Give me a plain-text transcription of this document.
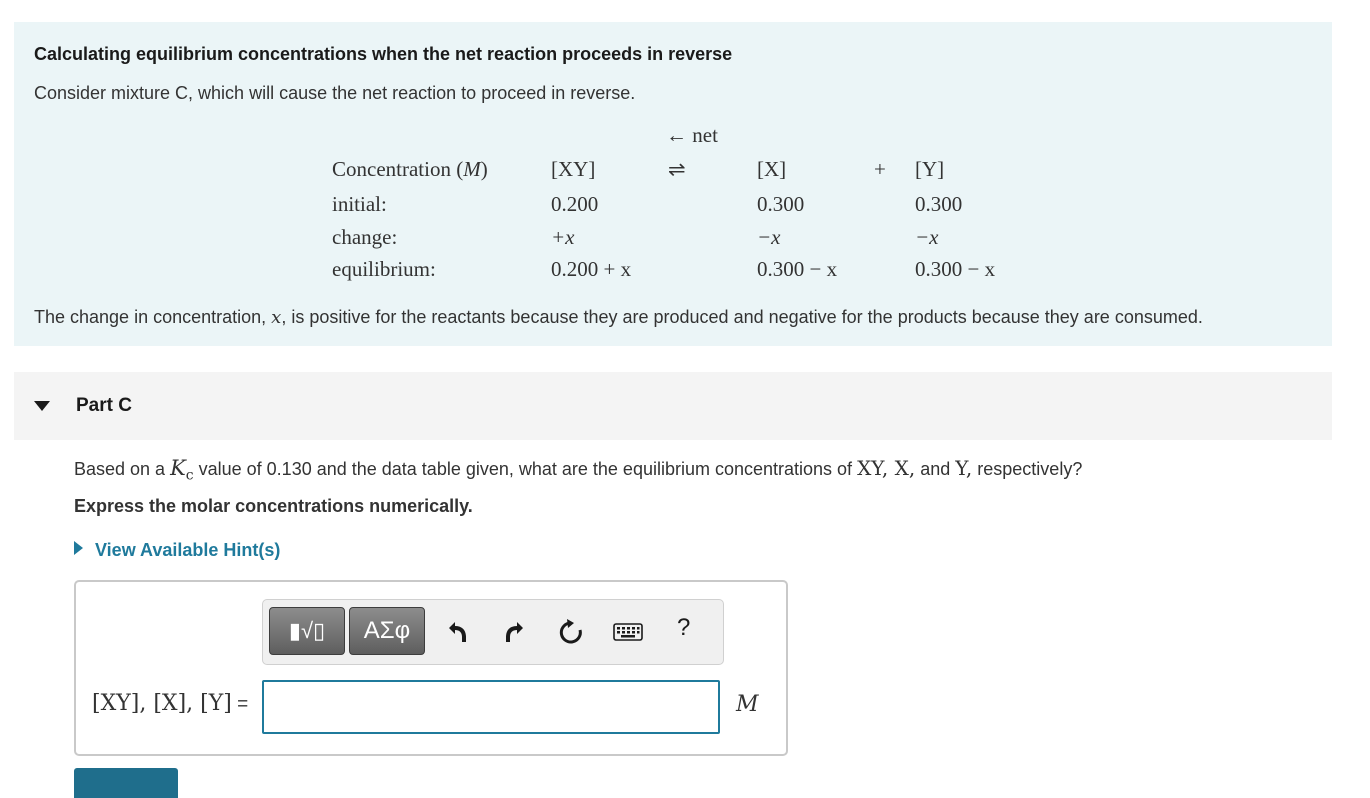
Calculating equilibrium concentrations when the net reaction proceeds in reverse
Consider mixture C, which will cause the net reaction to proceed in reverse.
← net
Concentration (M)	[XY]	⇌	[X]	+ [Y]
initial:	0.200	0.300	0.300
change:	+x	−x	−x
equilibrium:	0.200 + x	0.300 − x	0.300 − x
The change in concentration, x, is positive for the reactants because they are produced and negative for the products because they are consumed.
Part C
Based on a $K_c$ value of 0.130 and the data table given, what are the equilibrium concentrations of XY, X, and Y, respectively?
Express the molar concentrations numerically.
View Available Hint(s)
▮√▯	ΑΣφ	?
[XY], [X], [Y] =	M
